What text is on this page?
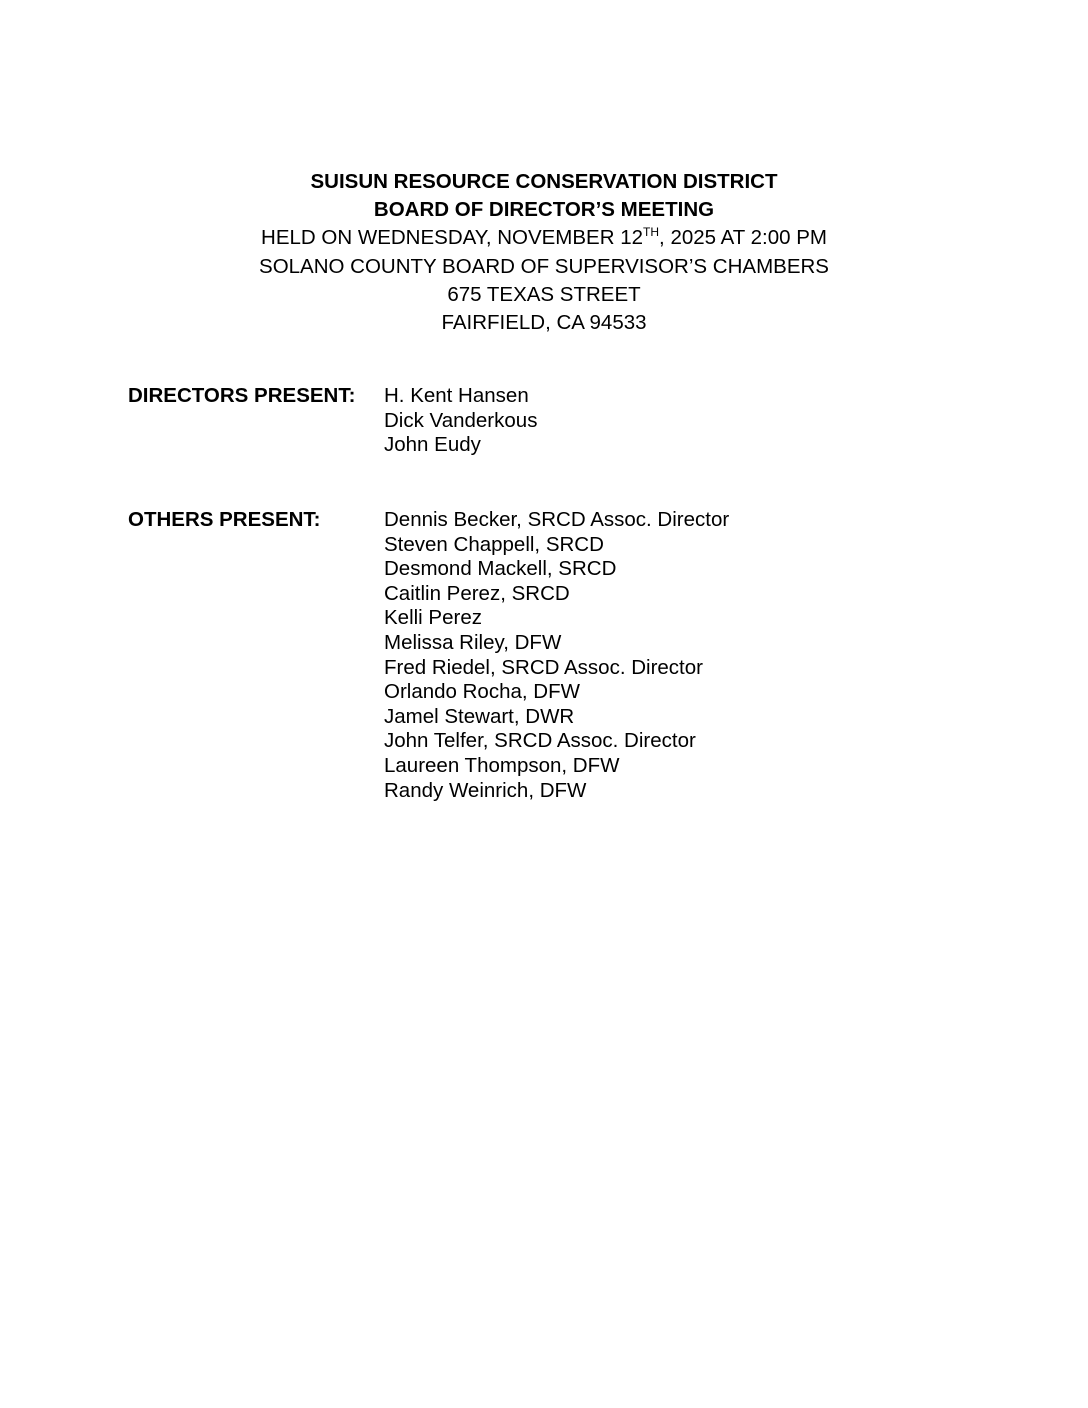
SUISUN RESOURCE CONSERVATION DISTRICT
BOARD OF DIRECTOR’S MEETING
HELD ON WEDNESDAY, NOVEMBER 12TH, 2025 AT 2:00 PM
SOLANO COUNTY BOARD OF SUPERVISOR’S CHAMBERS
675 TEXAS STREET
FAIRFIELD, CA 94533
DIRECTORS PRESENT: H. Kent Hansen
Dick Vanderkous
John Eudy
OTHERS PRESENT:	Dennis Becker, SRCD Assoc. Director
Steven Chappell, SRCD
Desmond Mackell, SRCD
Caitlin Perez, SRCD
Kelli Perez
Melissa Riley, DFW
Fred Riedel, SRCD Assoc. Director
Orlando Rocha, DFW
Jamel Stewart, DWR
John Telfer, SRCD Assoc. Director
Laureen Thompson, DFW
Randy Weinrich, DFW
